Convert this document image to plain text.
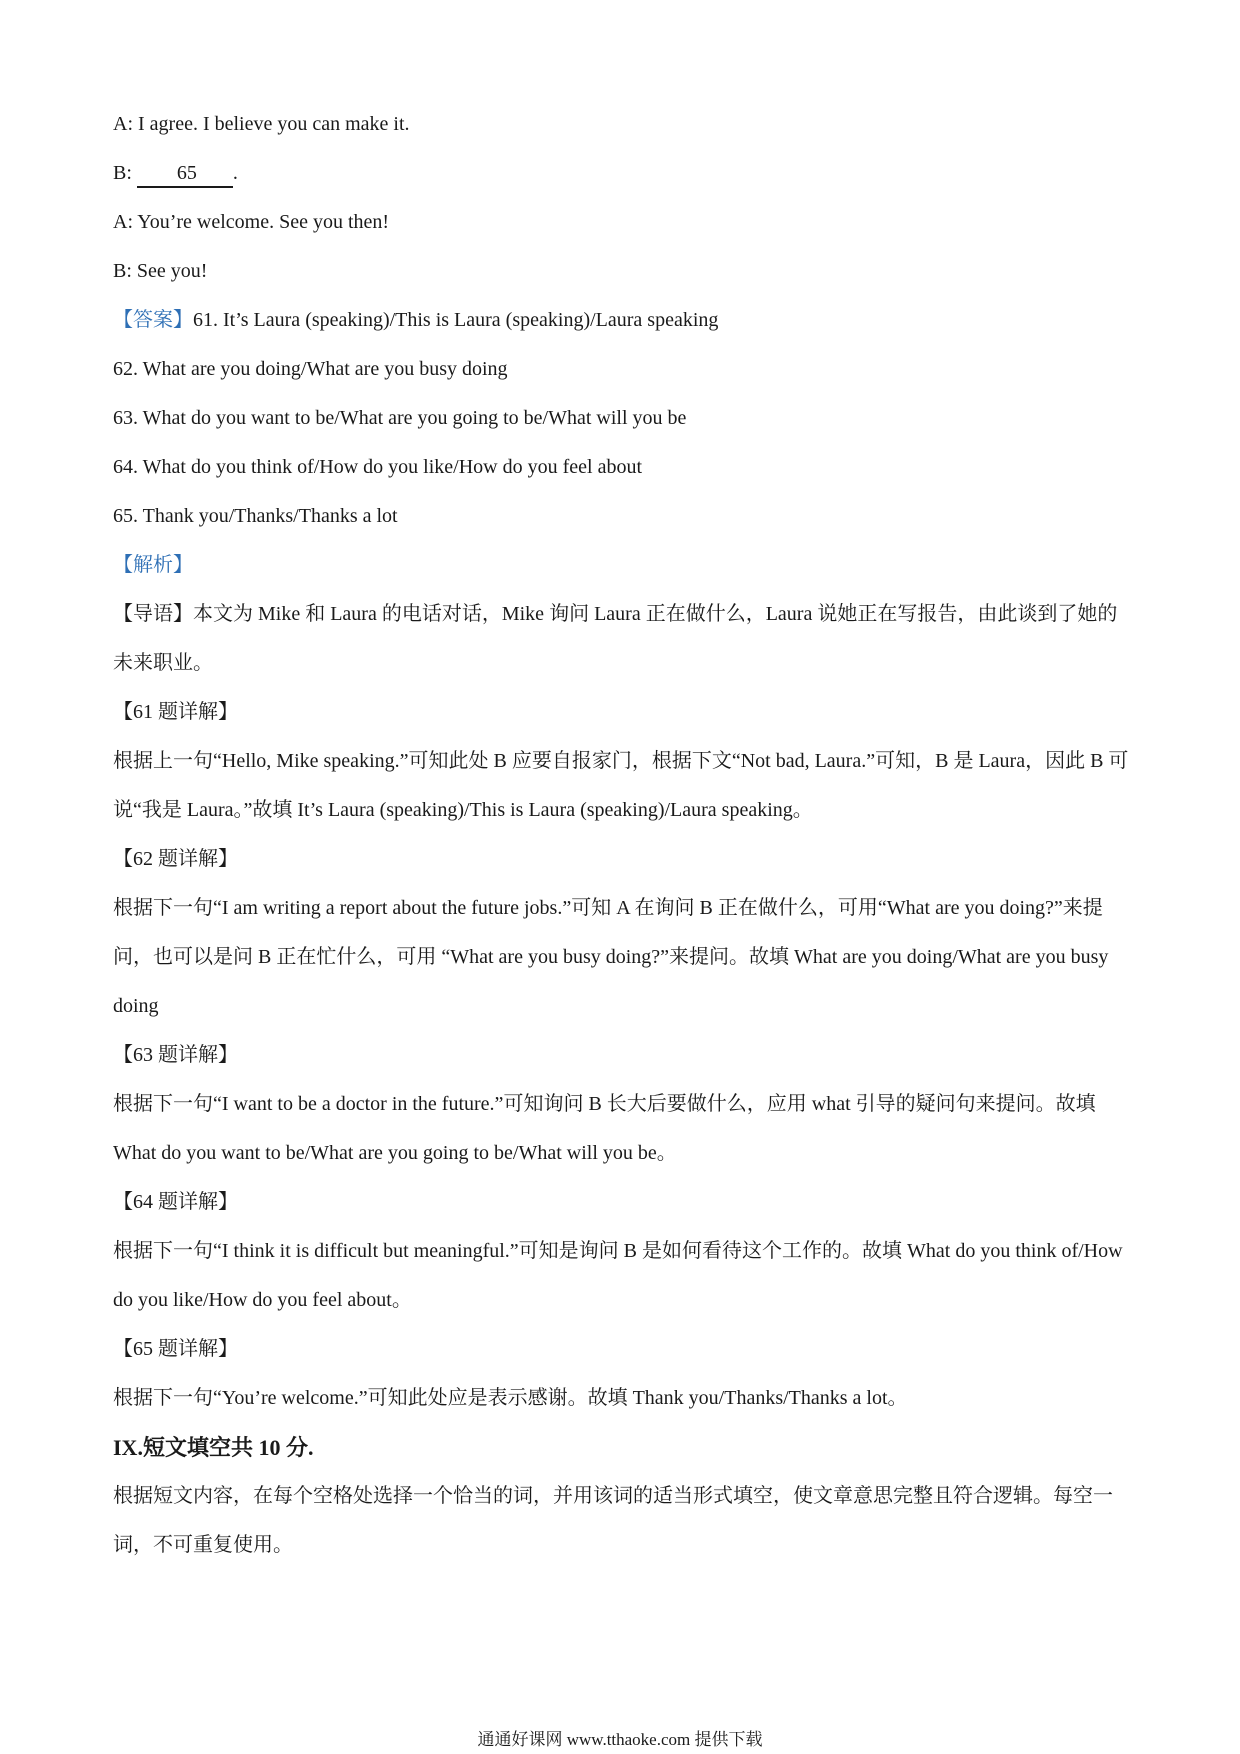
A: I agree. I believe you can make it.
B: 65 .
A: You’re welcome. See you then!
B: See you!
【答案】61. It’s Laura (speaking)/This is Laura (speaking)/Laura speaking
62. What are you doing/What are you busy doing
63. What do you want to be/What are you going to be/What will you be
64. What do you think of/How do you like/How do you feel about
65. Thank you/Thanks/Thanks a lot
【解析】
【导语】本文为 Mike 和 Laura 的电话对话，Mike 询问 Laura 正在做什么，Laura 说她正在写报告，由此谈到了她的未来职业。
【61 题详解】
根据上一句“Hello, Mike speaking.”可知此处 B 应要自报家门，根据下文“Not bad, Laura.”可知，B 是 Laura，因此 B 可说“我是 Laura。”故填 It’s Laura (speaking)/This is Laura (speaking)/Laura speaking。
【62 题详解】
根据下一句“I am writing a report about the future jobs.”可知 A 在询问 B 正在做什么，可用“What are you doing?”来提问，也可以是问 B 正在忙什么，可用 “What are you busy doing?”来提问。故填 What are you doing/What are you busy doing
【63 题详解】
根据下一句“I want to be a doctor in the future.”可知询问 B 长大后要做什么，应用 what 引导的疑问句来提问。故填 What do you want to be/What are you going to be/What will you be。
【64 题详解】
根据下一句“I think it is difficult but meaningful.”可知是询问 B 是如何看待这个工作的。故填 What do you think of/How do you like/How do you feel about。
【65 题详解】
根据下一句“You’re welcome.”可知此处应是表示感谢。故填 Thank you/Thanks/Thanks a lot。
IX.短文填空共 10 分.
根据短文内容，在每个空格处选择一个恰当的词，并用该词的适当形式填空，使文章意思完整且符合逻辑。每空一词，不可重复使用。
通通好课网 www.tthaoke.com 提供下载
